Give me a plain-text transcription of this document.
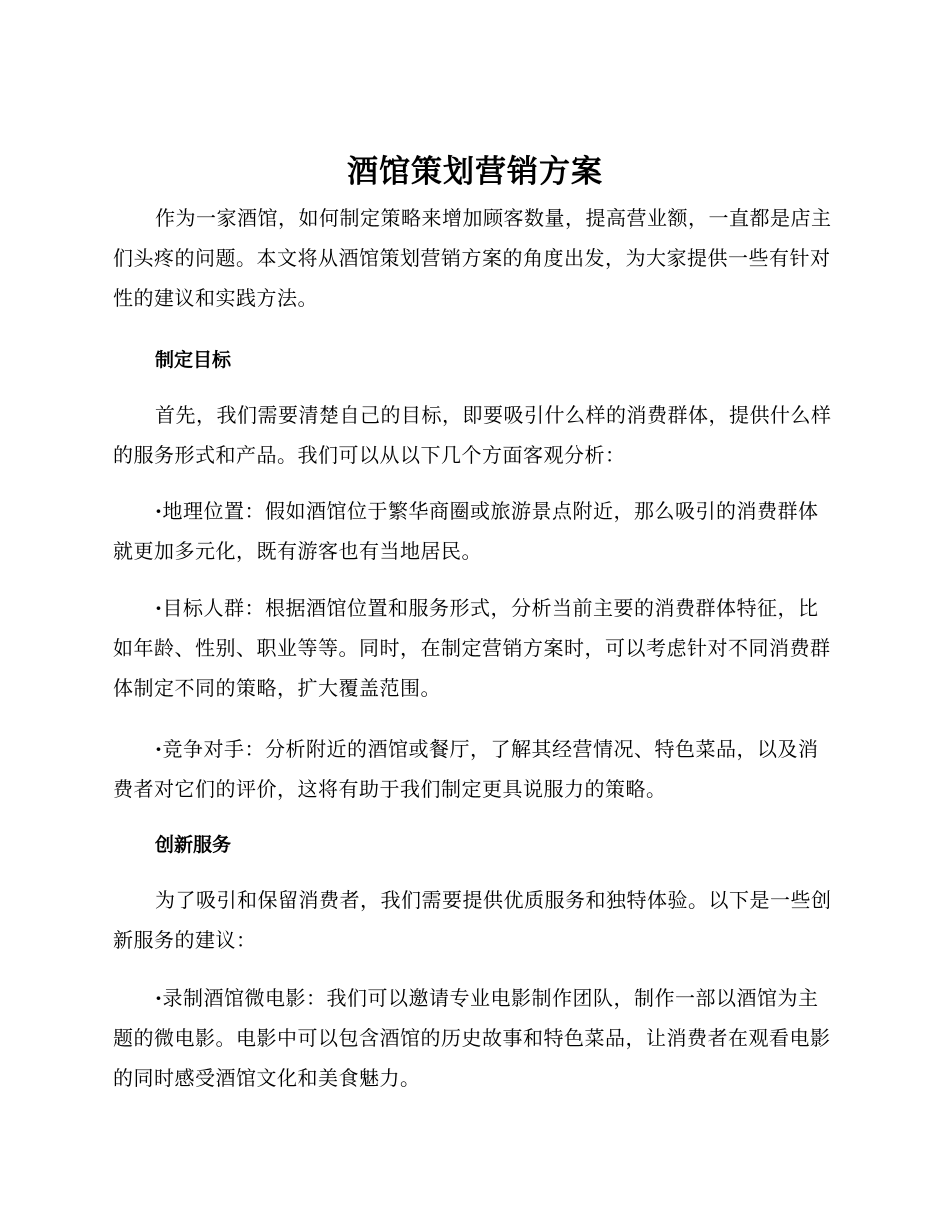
酒馆策划营销方案

作为一家酒馆，如何制定策略来增加顾客数量，提高营业额，一直都是店主们头疼的问题。本文将从酒馆策划营销方案的角度出发，为大家提供一些有针对性的建议和实践方法。

制定目标

首先，我们需要清楚自己的目标，即要吸引什么样的消费群体，提供什么样的服务形式和产品。我们可以从以下几个方面客观分析：

·地理位置：假如酒馆位于繁华商圈或旅游景点附近，那么吸引的消费群体就更加多元化，既有游客也有当地居民。

·目标人群：根据酒馆位置和服务形式，分析当前主要的消费群体特征，比如年龄、性别、职业等等。同时，在制定营销方案时，可以考虑针对不同消费群体制定不同的策略，扩大覆盖范围。

·竞争对手：分析附近的酒馆或餐厅，了解其经营情况、特色菜品，以及消费者对它们的评价，这将有助于我们制定更具说服力的策略。

创新服务

为了吸引和保留消费者，我们需要提供优质服务和独特体验。以下是一些创新服务的建议：

·录制酒馆微电影：我们可以邀请专业电影制作团队，制作一部以酒馆为主题的微电影。电影中可以包含酒馆的历史故事和特色菜品，让消费者在观看电影的同时感受酒馆文化和美食魅力。
